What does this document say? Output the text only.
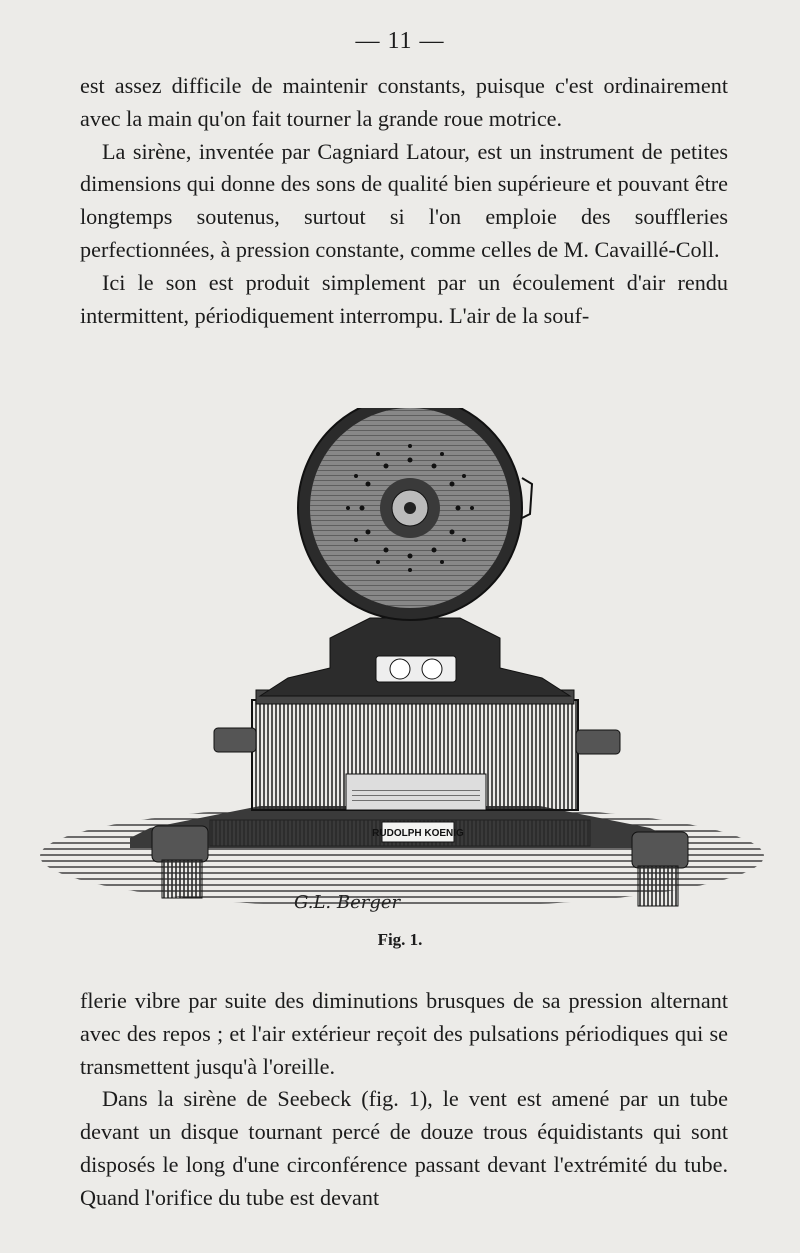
— 11 —

est assez difficile de maintenir constants, puisque c'est ordinairement avec la main qu'on fait tourner la grande roue motrice.

La sirène, inventée par Cagniard Latour, est un instrument de petites dimensions qui donne des sons de qualité bien supérieure et pouvant être longtemps soutenus, surtout si l'on emploie des souffleries perfectionnées, à pression constante, comme celles de M. Cavaillé-Coll.

Ici le son est produit simplement par un écoulement d'air rendu intermittent, périodiquement interrompu. L'air de la souf-

RUDOLPH KOENIG
G.L. Berger
Fig. 1.

flerie vibre par suite des diminutions brusques de sa pression alternant avec des repos ; et l'air extérieur reçoit des pulsations périodiques qui se transmettent jusqu'à l'oreille.

Dans la sirène de Seebeck (fig. 1), le vent est amené par un tube devant un disque tournant percé de douze trous équidistants qui sont disposés le long d'une circonférence passant devant l'extrémité du tube. Quand l'orifice du tube est devant
